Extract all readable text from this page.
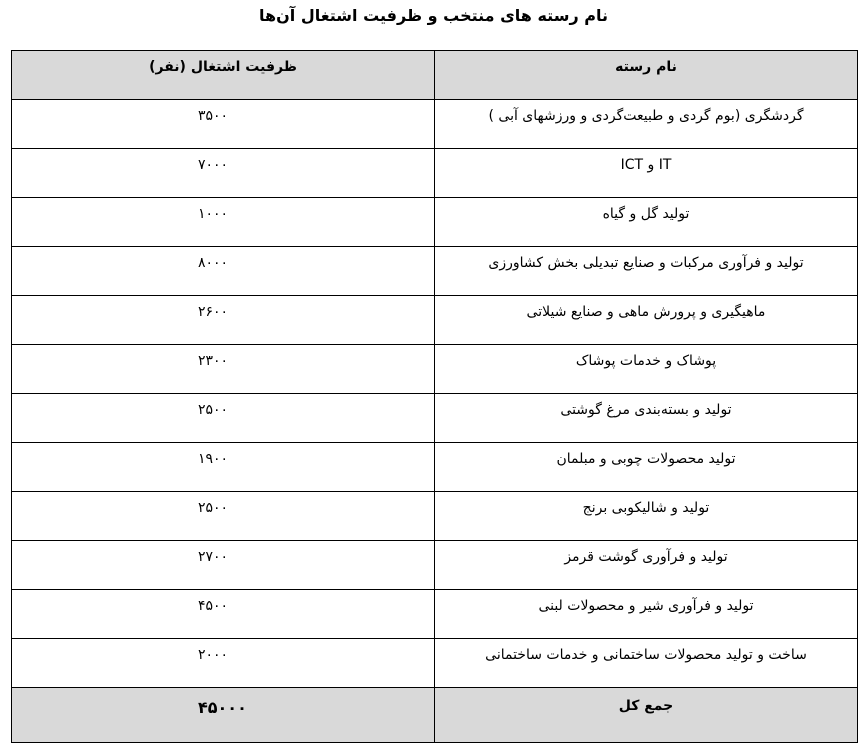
نام رسته های منتخب و ظرفیت اشتغال آن‌ها
نام رسته	ظرفیت اشتغال (نفر)
گردشگری (بوم گردی و طبیعت‌گردی و ورزشهای آبی )	۳۵۰۰
IT و ICT	۷۰۰۰
تولید گل و گیاه	۱۰۰۰
تولید و فرآوری مرکبات و صنایع تبدیلی بخش کشاورزی	۸۰۰۰
ماهیگیری و پرورش ماهی و صنایع شیلاتی	۲۶۰۰
پوشاک و خدمات پوشاک	۲۳۰۰
تولید و بسته‌بندی مرغ گوشتی	۲۵۰۰
تولید محصولات چوبی و مبلمان	۱۹۰۰
تولید و شالیکوبی برنج	۲۵۰۰
تولید و فرآوری گوشت قرمز	۲۷۰۰
تولید و فرآوری شیر و محصولات لبنی	۴۵۰۰
ساخت و تولید محصولات ساختمانی و خدمات ساختمانی	۲۰۰۰
جمع کل	۴۵۰۰۰
